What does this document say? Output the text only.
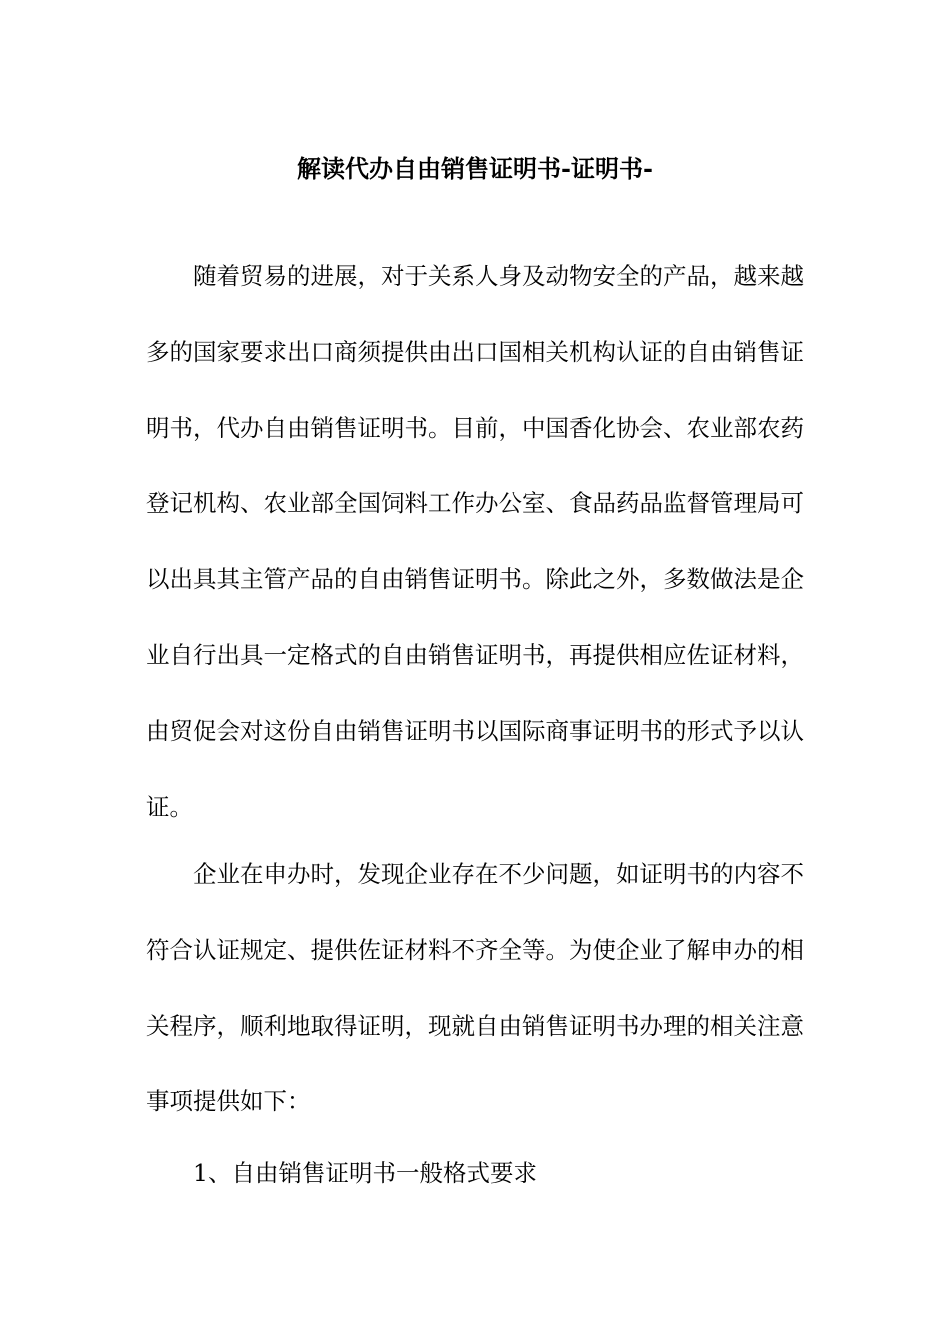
解读代办自由销售证明书-证明书-

随着贸易的进展，对于关系人身及动物安全的产品，越来越多的国家要求出口商须提供由出口国相关机构认证的自由销售证明书，代办自由销售证明书。目前，中国香化协会、农业部农药登记机构、农业部全国饲料工作办公室、食品药品监督管理局可以出具其主管产品的自由销售证明书。除此之外，多数做法是企业自行出具一定格式的自由销售证明书，再提供相应佐证材料，由贸促会对这份自由销售证明书以国际商事证明书的形式予以认证。

企业在申办时，发现企业存在不少问题，如证明书的内容不符合认证规定、提供佐证材料不齐全等。为使企业了解申办的相关程序，顺利地取得证明，现就自由销售证明书办理的相关注意事项提供如下：

1、自由销售证明书一般格式要求
